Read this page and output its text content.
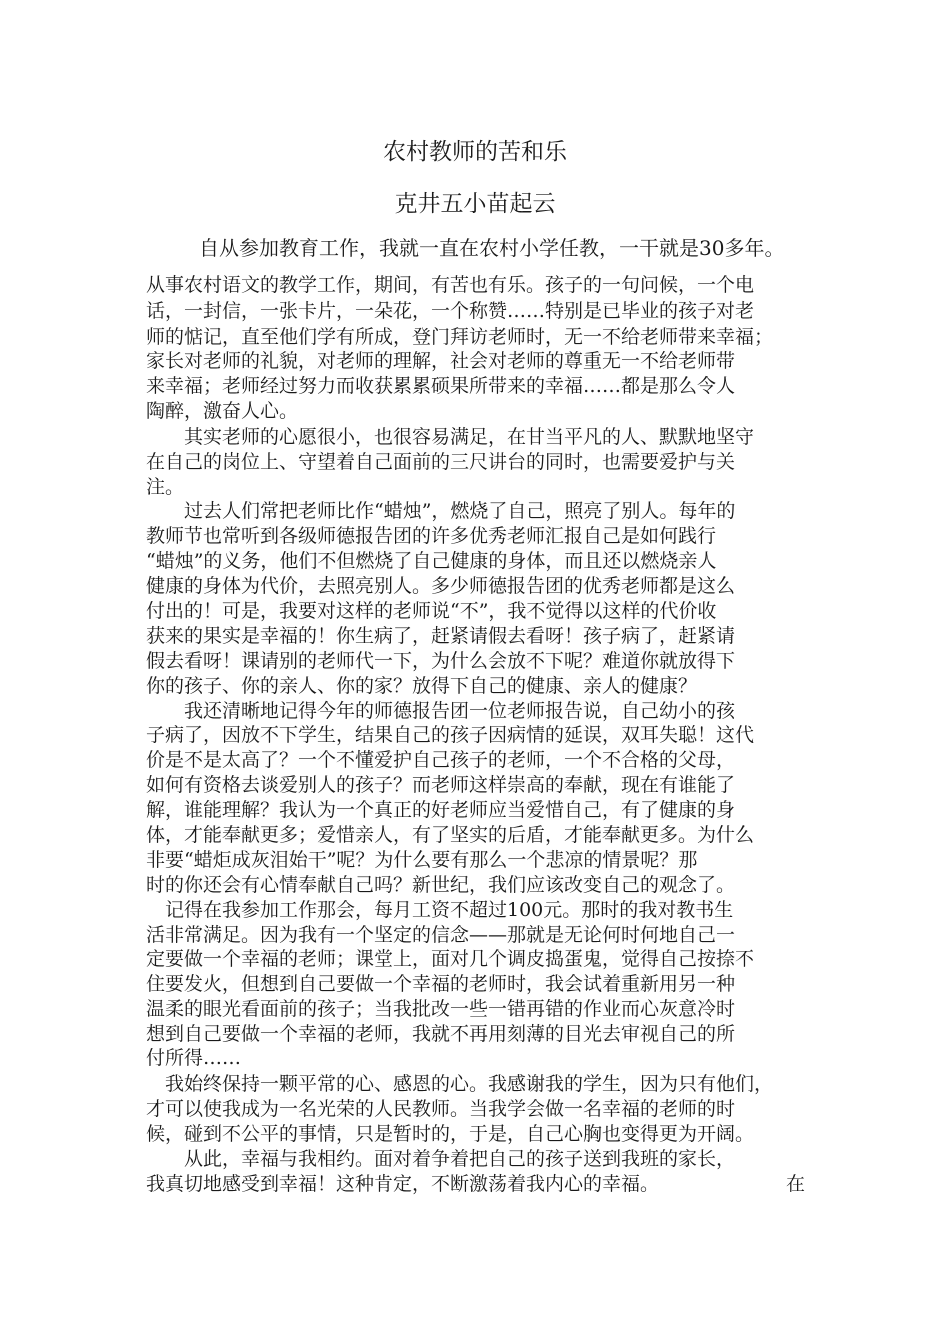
农村教师的苦和乐
克井五小苗起云
自从参加教育工作，我就一直在农村小学任教，一干就是30多年。
从事农村语文的教学工作，期间，有苦也有乐。孩子的一句问候，一个电
话，一封信，一张卡片，一朵花，一个称赞……特别是已毕业的孩子对老
师的惦记，直至他们学有所成，登门拜访老师时，无一不给老师带来幸福；
家长对老师的礼貌，对老师的理解，社会对老师的尊重无一不给老师带
来幸福；老师经过努力而收获累累硕果所带来的幸福……都是那么令人
陶醉，激奋人心。
　　其实老师的心愿很小，也很容易满足，在甘当平凡的人、默默地坚守
在自己的岗位上、守望着自己面前的三尺讲台的同时，也需要爱护与关
注。
　　过去人们常把老师比作“蜡烛”，燃烧了自己，照亮了别人。每年的
教师节也常听到各级师德报告团的许多优秀老师汇报自己是如何践行
“蜡烛”的义务，他们不但燃烧了自己健康的身体，而且还以燃烧亲人
健康的身体为代价，去照亮别人。多少师德报告团的优秀老师都是这么
付出的！可是，我要对这样的老师说“不”，我不觉得以这样的代价收
获来的果实是幸福的！你生病了，赶紧请假去看呀！孩子病了，赶紧请
假去看呀！课请别的老师代一下，为什么会放不下呢？难道你就放得下
你的孩子、你的亲人、你的家？放得下自己的健康、亲人的健康？
　　我还清晰地记得今年的师德报告团一位老师报告说，自己幼小的孩
子病了，因放不下学生，结果自己的孩子因病情的延误，双耳失聪！这代
价是不是太高了？一个不懂爱护自己孩子的老师，一个不合格的父母，
如何有资格去谈爱别人的孩子？而老师这样崇高的奉献，现在有谁能了
解，谁能理解？我认为一个真正的好老师应当爱惜自己，有了健康的身
体，才能奉献更多；爱惜亲人，有了坚实的后盾，才能奉献更多。为什么
非要“蜡炬成灰泪始干”呢？为什么要有那么一个悲凉的情景呢？那
时的你还会有心情奉献自己吗？新世纪，我们应该改变自己的观念了。
　记得在我参加工作那会，每月工资不超过100元。那时的我对教书生
活非常满足。因为我有一个坚定的信念——那就是无论何时何地自己一
定要做一个幸福的老师；课堂上，面对几个调皮捣蛋鬼，觉得自己按捺不
住要发火，但想到自己要做一个幸福的老师时，我会试着重新用另一种
温柔的眼光看面前的孩子；当我批改一些一错再错的作业而心灰意冷时
想到自己要做一个幸福的老师，我就不再用刻薄的目光去审视自己的所
付所得……
　我始终保持一颗平常的心、感恩的心。我感谢我的学生，因为只有他们，
才可以使我成为一名光荣的人民教师。当我学会做一名幸福的老师的时
候，碰到不公平的事情，只是暂时的，于是，自己心胸也变得更为开阔。
　　从此，幸福与我相约。面对着争着把自己的孩子送到我班的家长，
我真切地感受到幸福！这种肯定，不断激荡着我内心的幸福。	在
